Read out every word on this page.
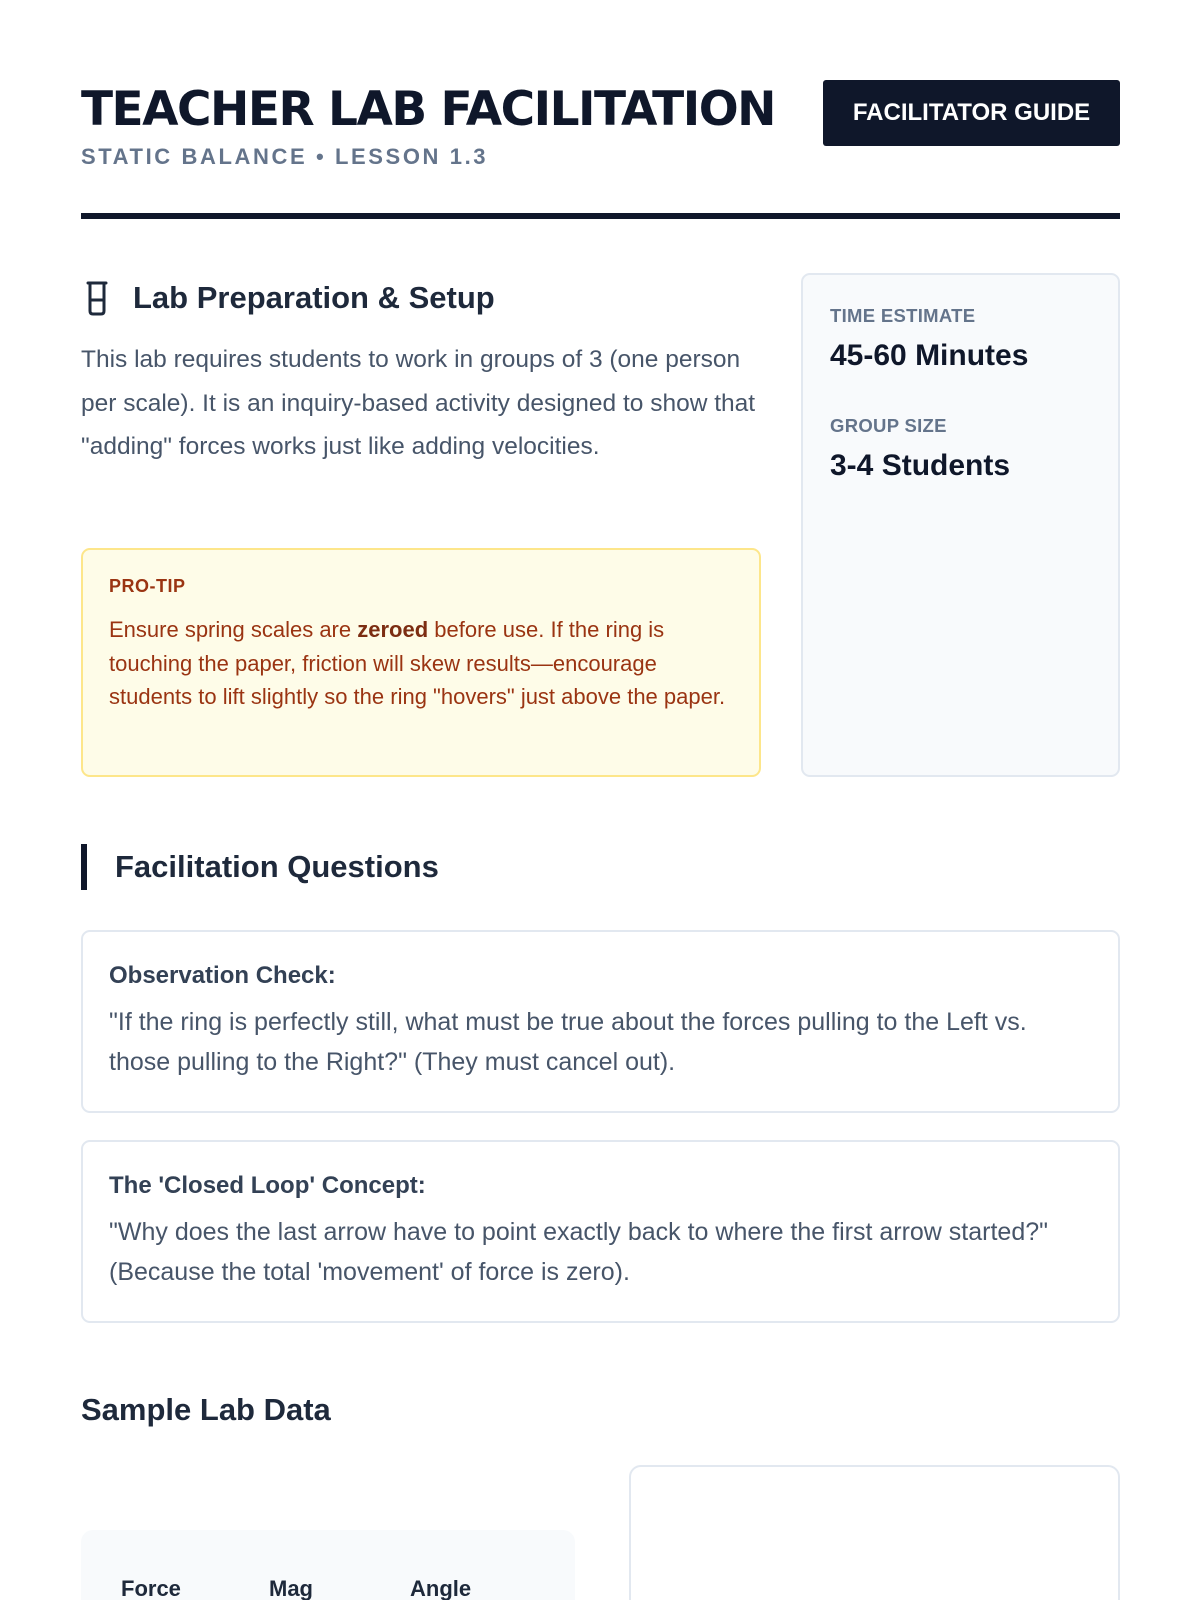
TEACHER LAB FACILITATION
STATIC BALANCE • LESSON 1.3
FACILITATOR GUIDE
Lab Preparation & Setup

This lab requires students to work in groups of 3 (one person per scale). It is an inquiry-based activity designed to show that "adding" forces works just like adding velocities.

PRO-TIP

Ensure spring scales are zeroed before use. If the ring is touching the paper, friction will skew results—encourage students to lift slightly so the ring "hovers" just above the paper.

TIME ESTIMATE
45-60 Minutes
GROUP SIZE
3-4 Students
Facilitation Questions
Observation Check:

"If the ring is perfectly still, what must be true about the forces pulling to the Left vs. those pulling to the Right?" (They must cancel out).

The 'Closed Loop' Concept:

"Why does the last arrow have to point exactly back to where the first arrow started?" (Because the total 'movement' of force is zero).

Sample Lab Data
Force	Mag	Angle
